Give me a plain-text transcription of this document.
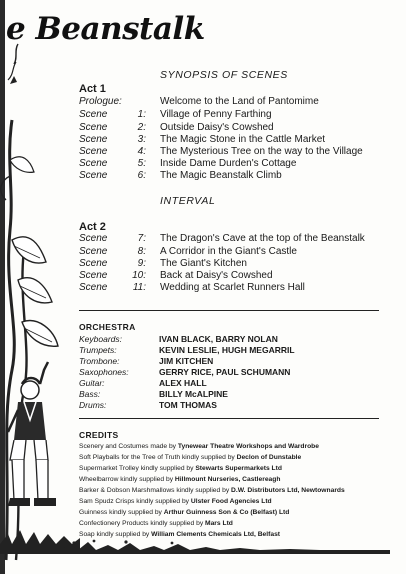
e Beanstalk
SYNOPSIS OF SCENES
Act 1
Prologue:	Welcome to the Land of Pantomime
Scene	1: Village of Penny Farthing
Scene	2: Outside Daisy's Cowshed
Scene	3: The Magic Stone in the Cattle Market
Scene	4: The Mysterious Tree on the way to the Village
Scene	5: Inside Dame Durden's Cottage
Scene	6: The Magic Beanstalk Climb
INTERVAL
Act 2
Scene	7: The Dragon's Cave at the top of the Beanstalk
Scene	8: A Corridor in the Giant's Castle
Scene	9: The Giant's Kitchen
Scene	10: Back at Daisy's Cowshed
Scene	11: Wedding at Scarlet Runners Hall
ORCHESTRA
Keyboards:	IVAN BLACK, BARRY NOLAN
Trumpets:	KEVIN LESLIE, HUGH MEGARRIL
Trombone:	JIM KITCHEN
Saxophones:	GERRY RICE, PAUL SCHUMANN
Guitar:	ALEX HALL
Bass:	BILLY McALPINE
Drums:	TOM THOMAS
CREDITS
Scenery and Costumes made by Tynewear Theatre Workshops and Wardrobe
Soft Playballs for the Tree of Truth kindly supplied by Declon of Dunstable
Supermarket Trolley kindly supplied by Stewarts Supermarkets Ltd
Wheelbarrow kindly supplied by Hillmount Nurseries, Castlereagh
Barker & Dobson Marshmallows kindly supplied by D.W. Distributors Ltd, Newtownards
Sam Spudz Crisps kindly supplied by Ulster Food Agencies Ltd
Guinness kindly supplied by Arthur Guinness Son & Co (Belfast) Ltd
Confectionery Products kindly supplied by Mars Ltd
Soap kindly supplied by William Clements Chemicals Ltd, Belfast
